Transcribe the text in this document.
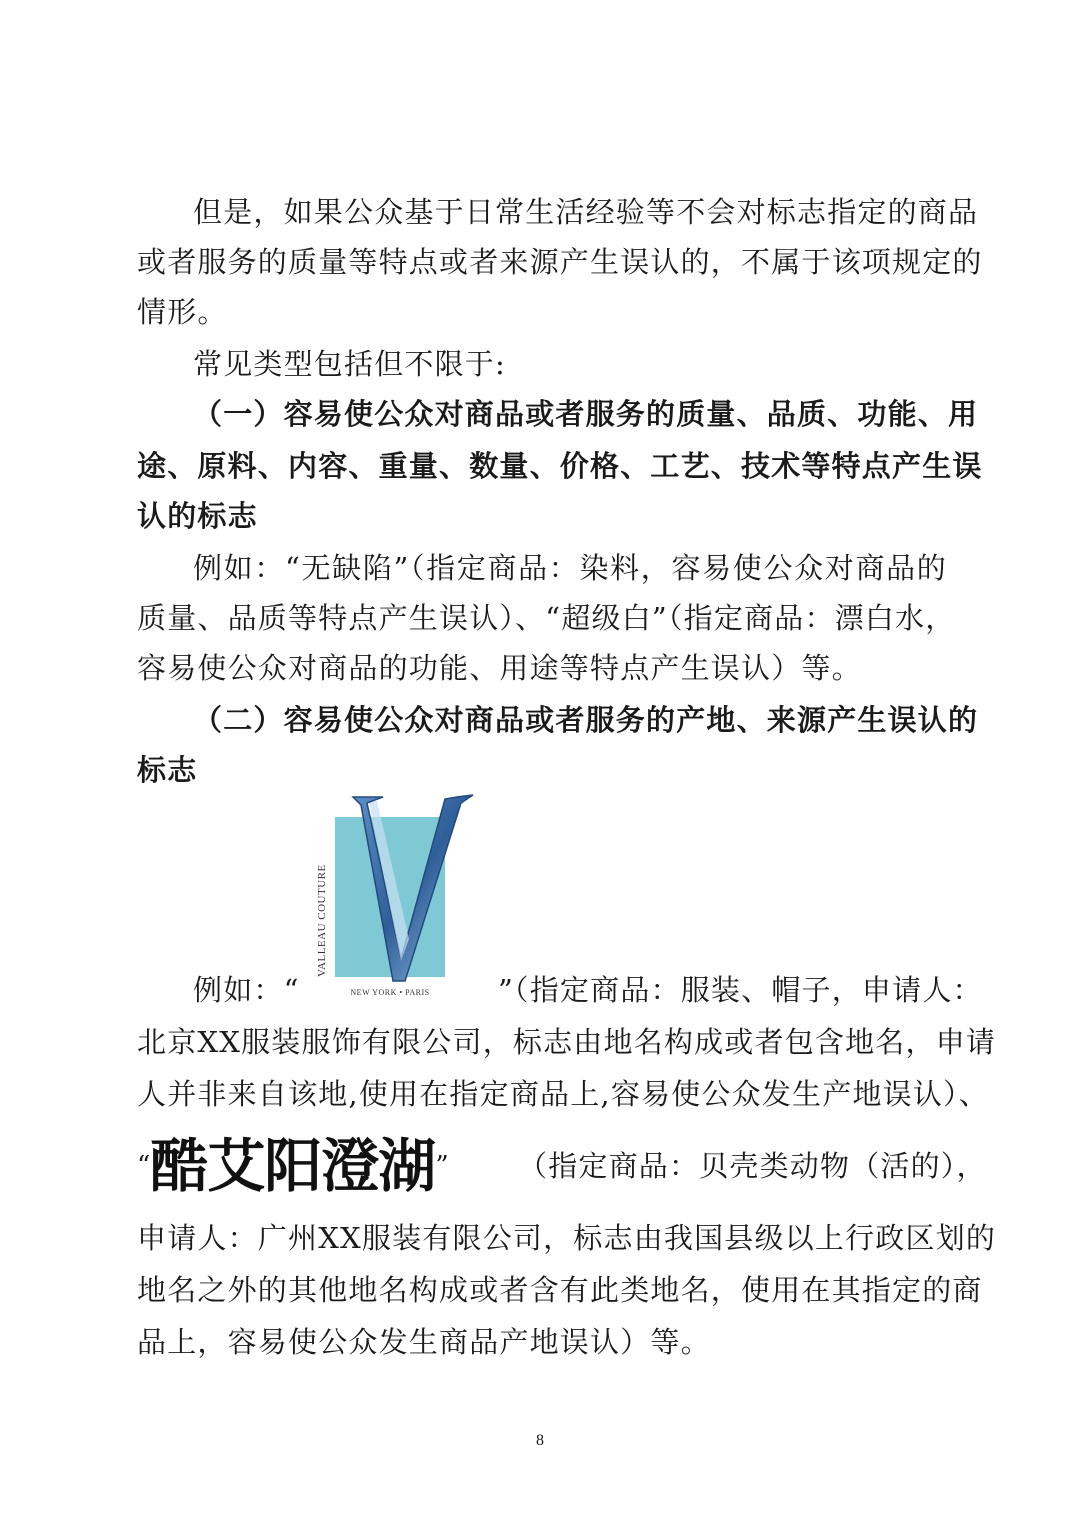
但是，如果公众基于日常生活经验等不会对标志指定的商品
或者服务的质量等特点或者来源产生误认的，不属于该项规定的
情形。
常见类型包括但不限于:
（一）容易使公众对商品或者服务的质量、品质、功能、用
途、原料、内容、重量、数量、价格、工艺、技术等特点产生误
认的标志
例如：“无缺陷”（指定商品：染料，容易使公众对商品的
质量、品质等特点产生误认）、“超级白”（指定商品：漂白水，
容易使公众对商品的功能、用途等特点产生误认）等。
（二）容易使公众对商品或者服务的产地、来源产生误认的
标志
VALLEAU COUTURE
NEW YORK • PARIS
例如：“	”（指定商品：服装、帽子，申请人：
北京XX服装服饰有限公司，标志由地名构成或者包含地名，申请
人并非来自该地,使用在指定商品上,容易使公众发生产地误认）、
“酷艾阳澄湖” （指定商品：贝壳类动物（活的），
申请人：广州XX服装有限公司，标志由我国县级以上行政区划的
地名之外的其他地名构成或者含有此类地名，使用在其指定的商
品上，容易使公众发生商品产地误认）等。
8
